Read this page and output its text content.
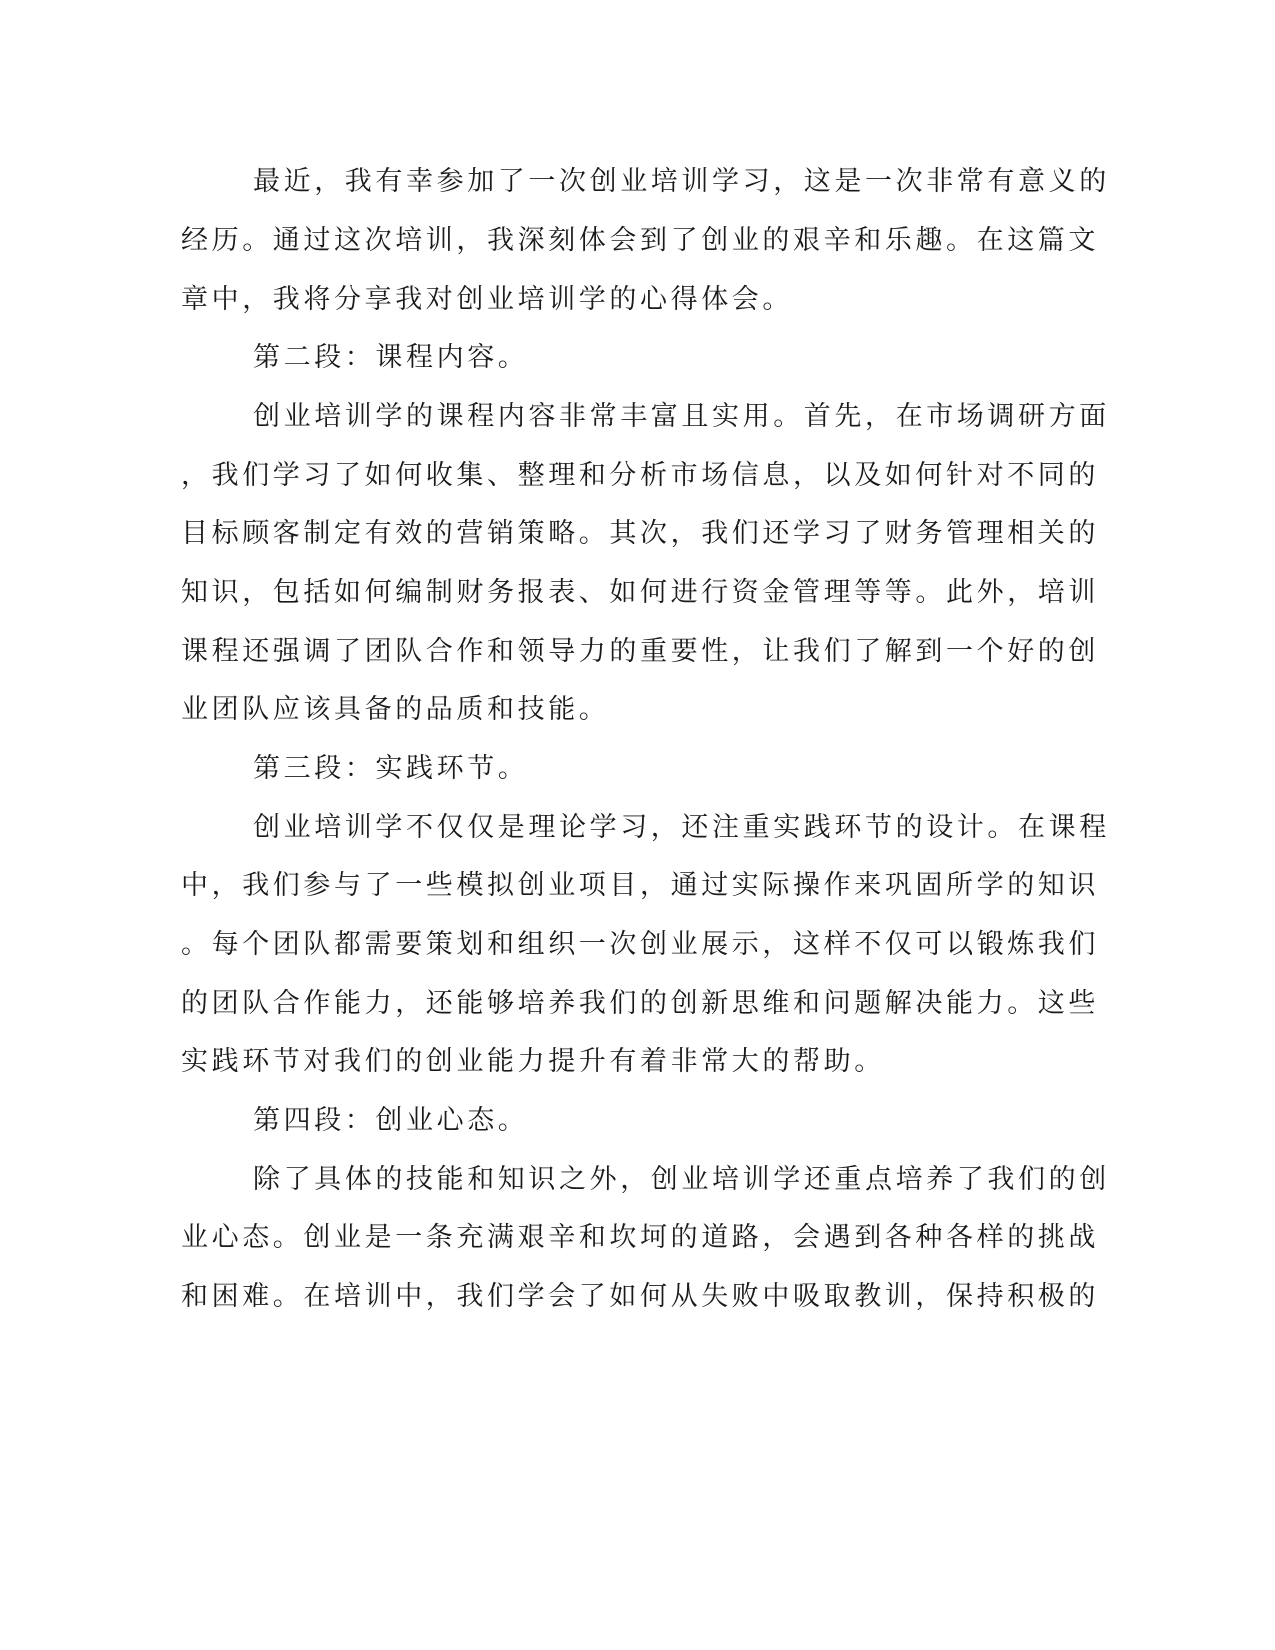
最近，我有幸参加了一次创业培训学习，这是一次非常有意义的
经历。通过这次培训，我深刻体会到了创业的艰辛和乐趣。在这篇文
章中，我将分享我对创业培训学的心得体会。
第二段：课程内容。
创业培训学的课程内容非常丰富且实用。首先，在市场调研方面
，我们学习了如何收集、整理和分析市场信息，以及如何针对不同的
目标顾客制定有效的营销策略。其次，我们还学习了财务管理相关的
知识，包括如何编制财务报表、如何进行资金管理等等。此外，培训
课程还强调了团队合作和领导力的重要性，让我们了解到一个好的创
业团队应该具备的品质和技能。
第三段：实践环节。
创业培训学不仅仅是理论学习，还注重实践环节的设计。在课程
中，我们参与了一些模拟创业项目，通过实际操作来巩固所学的知识
。每个团队都需要策划和组织一次创业展示，这样不仅可以锻炼我们
的团队合作能力，还能够培养我们的创新思维和问题解决能力。这些
实践环节对我们的创业能力提升有着非常大的帮助。
第四段：创业心态。
除了具体的技能和知识之外，创业培训学还重点培养了我们的创
业心态。创业是一条充满艰辛和坎坷的道路，会遇到各种各样的挑战
和困难。在培训中，我们学会了如何从失败中吸取教训，保持积极的
